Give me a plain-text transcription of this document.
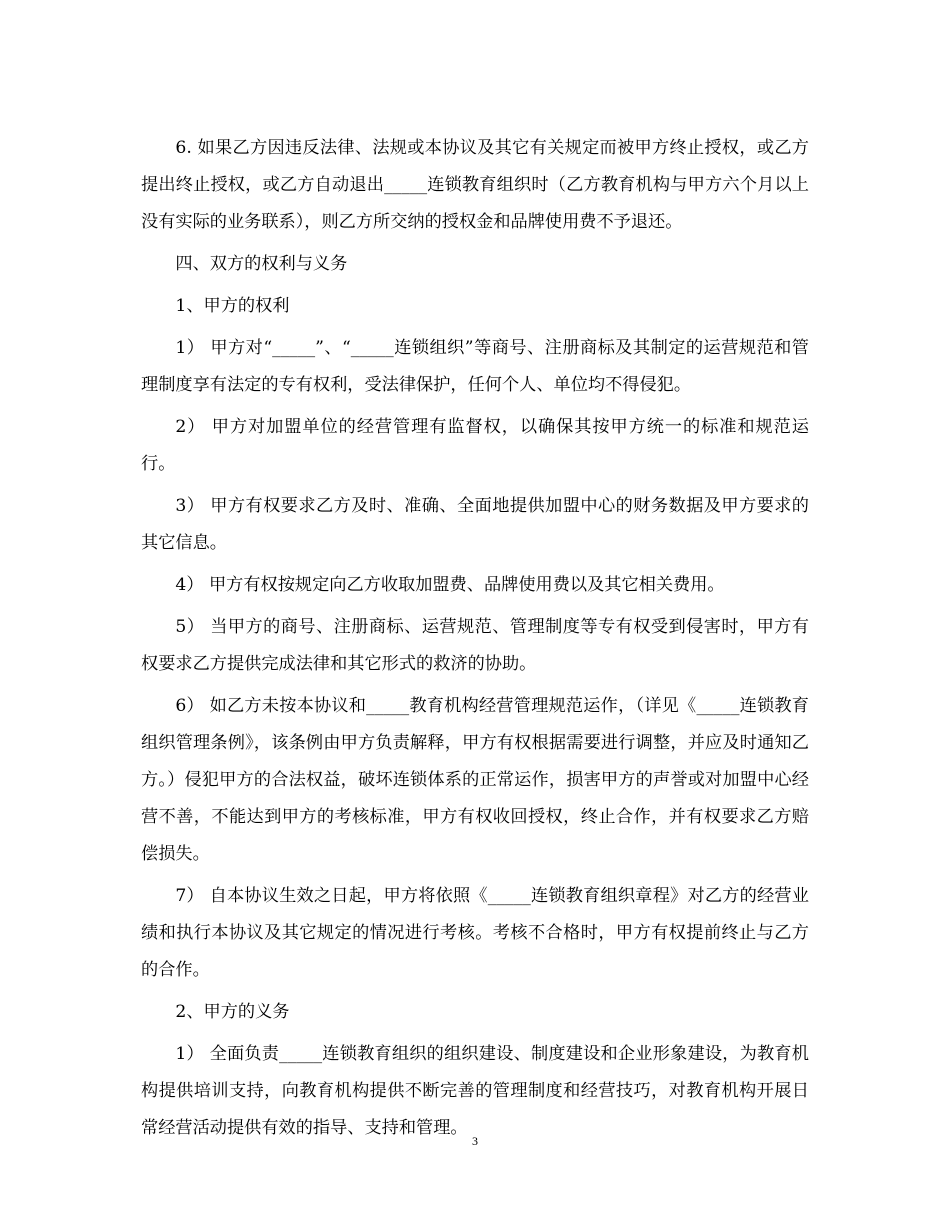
6. 如果乙方因违反法律、法规或本协议及其它有关规定而被甲方终止授权，或乙方提出终止授权，或乙方自动退出_____连锁教育组织时（乙方教育机构与甲方六个月以上没有实际的业务联系），则乙方所交纳的授权金和品牌使用费不予退还。

四、双方的权利与义务

1、甲方的权利

1） 甲方对“_____”、“_____连锁组织”等商号、注册商标及其制定的运营规范和管理制度享有法定的专有权利，受法律保护，任何个人、单位均不得侵犯。

2） 甲方对加盟单位的经营管理有监督权，以确保其按甲方统一的标准和规范运行。

3） 甲方有权要求乙方及时、准确、全面地提供加盟中心的财务数据及甲方要求的其它信息。

4） 甲方有权按规定向乙方收取加盟费、品牌使用费以及其它相关费用。

5） 当甲方的商号、注册商标、运营规范、管理制度等专有权受到侵害时，甲方有权要求乙方提供完成法律和其它形式的救济的协助。

6） 如乙方未按本协议和_____教育机构经营管理规范运作，（详见《_____连锁教育组织管理条例》，该条例由甲方负责解释，甲方有权根据需要进行调整，并应及时通知乙方。）侵犯甲方的合法权益，破坏连锁体系的正常运作，损害甲方的声誉或对加盟中心经营不善，不能达到甲方的考核标准，甲方有权收回授权，终止合作，并有权要求乙方赔偿损失。

7） 自本协议生效之日起，甲方将依照《_____连锁教育组织章程》对乙方的经营业绩和执行本协议及其它规定的情况进行考核。考核不合格时，甲方有权提前终止与乙方的合作。

2、甲方的义务

1） 全面负责_____连锁教育组织的组织建设、制度建设和企业形象建设，为教育机构提供培训支持，向教育机构提供不断完善的管理制度和经营技巧，对教育机构开展日常经营活动提供有效的指导、支持和管理。

3
